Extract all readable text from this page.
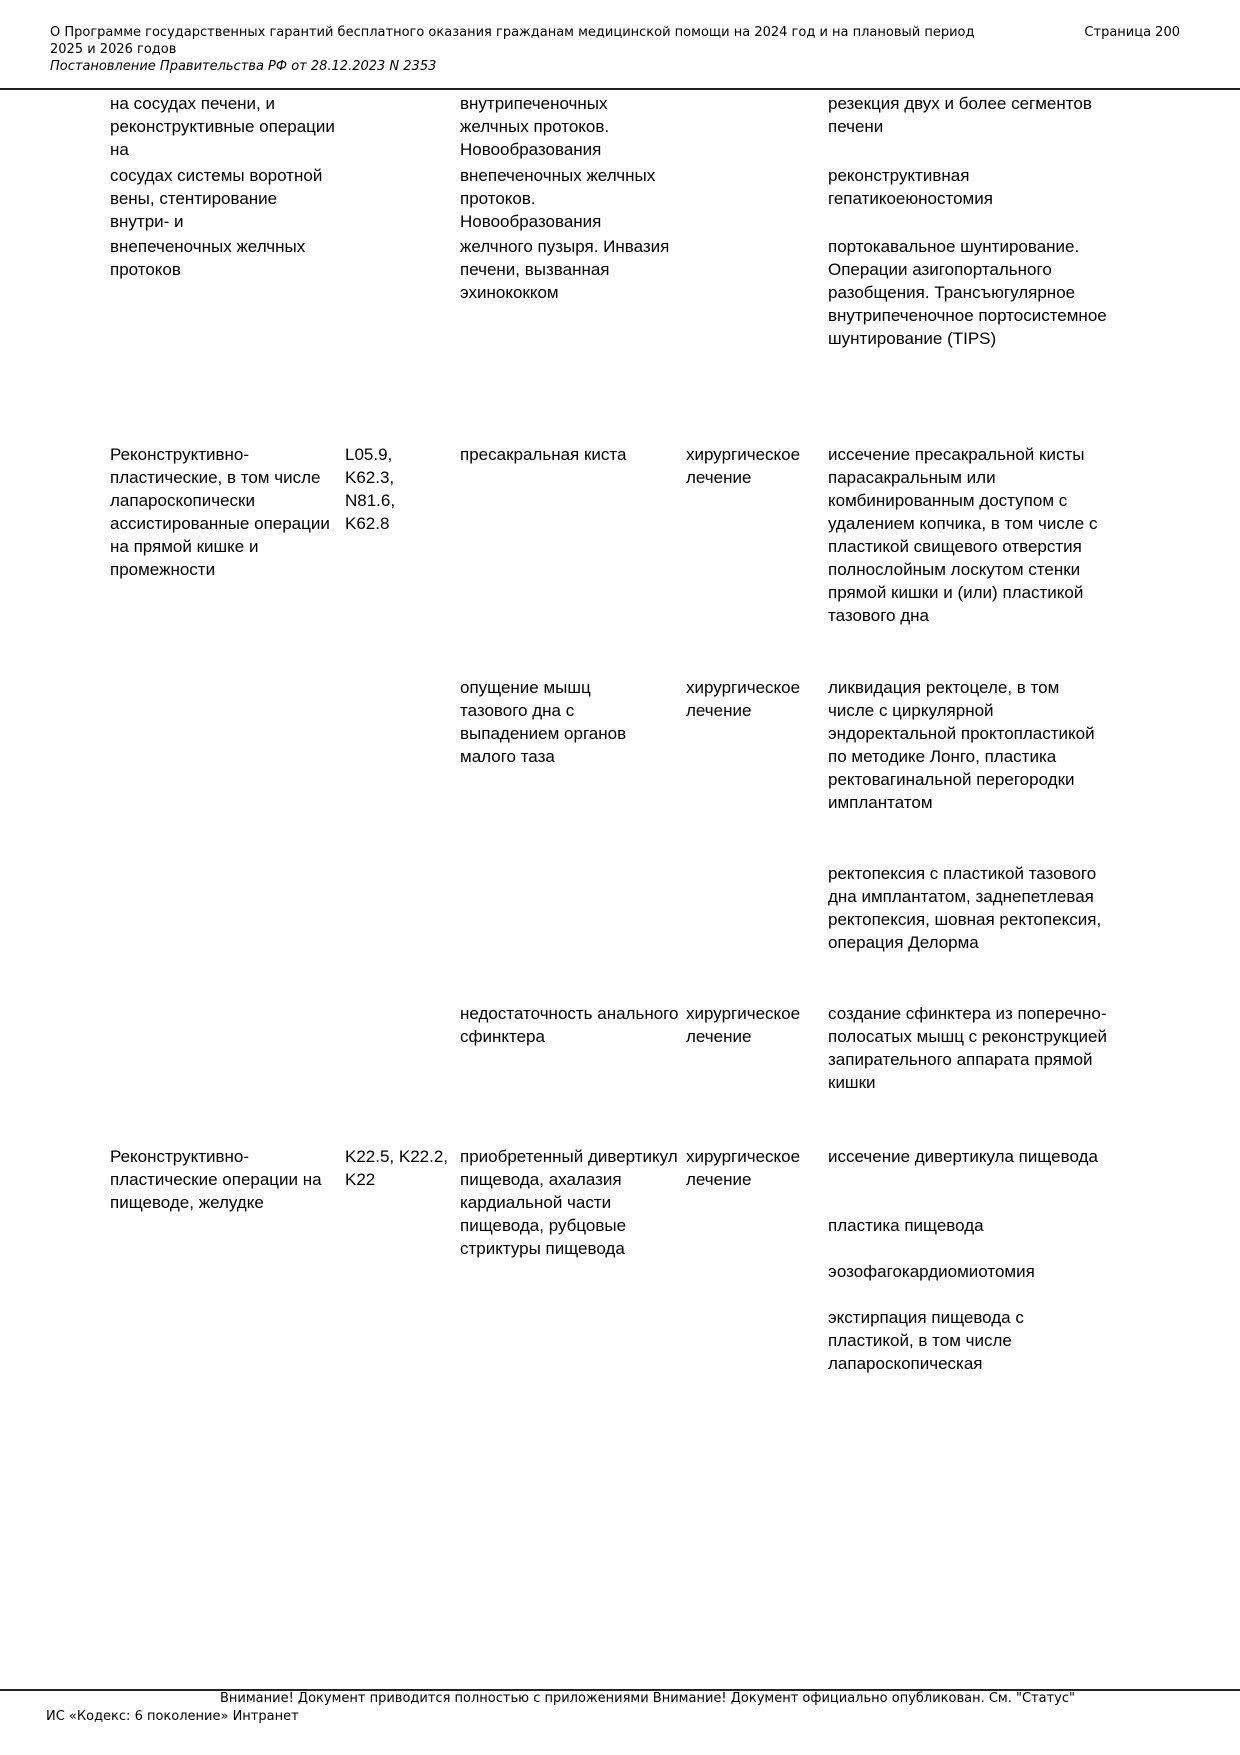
О Программе государственных гарантий бесплатного оказания гражданам медицинской помощи на 2024 год и на плановый период 2025 и 2026 годов
Постановление Правительства РФ от 28.12.2023 N 2353
Страница 200
на сосудах печени, и реконструктивные операции на
сосудах системы воротной вены, стентирование внутри- и
внепеченочных желчных протоков
внутрипеченочных желчных протоков. Новообразования
внепеченочных желчных протоков. Новообразования
желчного пузыря. Инвазия печени, вызванная эхинококком
резекция двух и более сегментов печени
реконструктивная гепатикоеюностомия
портокавальное шунтирование. Операции азигопортального разобщения. Трансъюгулярное внутрипеченочное портосистемное шунтирование (TIPS)
Реконструктивно-пластические, в том числе лапароскопически ассистированные операции на прямой кишке и промежности
L05.9, K62.3, N81.6, K62.8
пресакральная киста	хирургическое лечение
иссечение пресакральной кисты парасакральным или комбинированным доступом с удалением копчика, в том числе с пластикой свищевого отверстия полнослойным лоскутом стенки прямой кишки и (или) пластикой тазового дна
опущение мышц тазового дна с выпадением органов малого таза
хирургическое лечение
ликвидация ректоцеле, в том числе с циркулярной эндоректальной проктопластикой по методике Лонго, пластика ректовагинальной перегородки имплантатом
ректопексия с пластикой тазового дна имплантатом, заднепетлевая ректопексия, шовная ректопексия, операция Делорма
недостаточность анального сфинктера
хирургическое лечение
создание сфинктера из поперечно-полосатых мышц с реконструкцией запирательного аппарата прямой кишки
Реконструктивно-пластические операции на пищеводе, желудке
K22.5, K22.2, K22
приобретенный дивертикул пищевода, ахалазия кардиальной части пищевода, рубцовые стриктуры пищевода
хирургическое лечение
иссечение дивертикула пищевода
пластика пищевода
эозофагокардиомиотомия
экстирпация пищевода с пластикой, в том числе лапароскопическая
Внимание! Документ приводится полностью с приложениями Внимание! Документ официально опубликован. См. "Статус"
ИС «Кодекс: 6 поколение» Интранет
